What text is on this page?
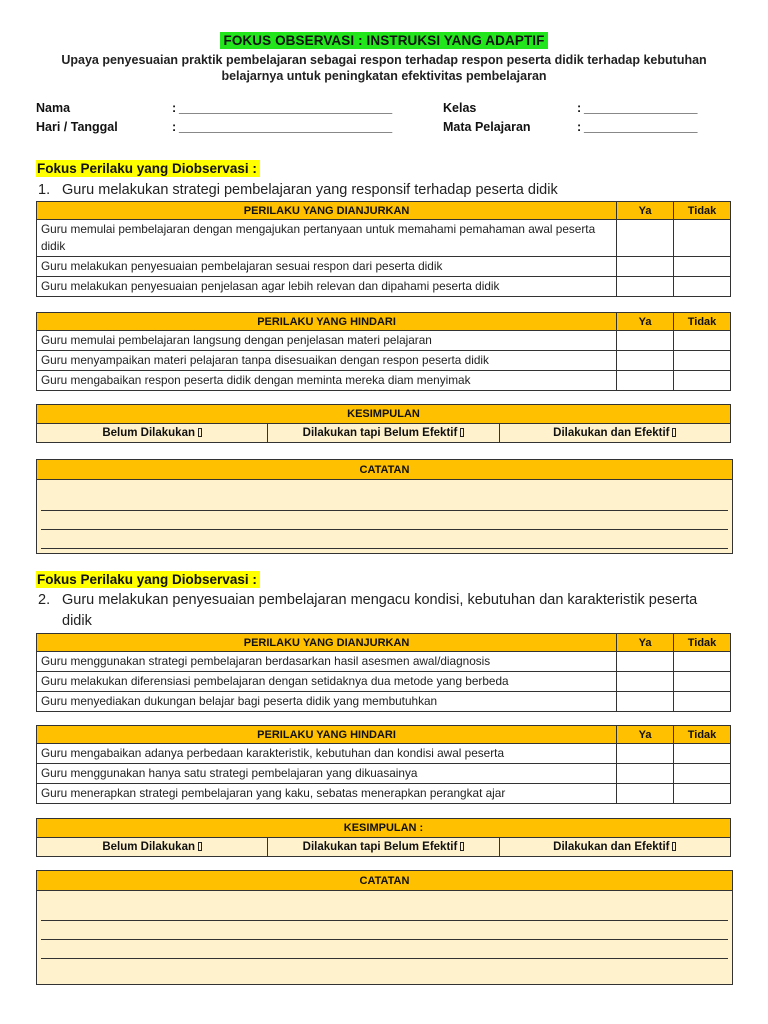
FOKUS OBSERVASI : INSTRUKSI YANG ADAPTIF
Upaya penyesuaian praktik pembelajaran sebagai respon terhadap respon peserta didik terhadap kebutuhan belajarnya untuk peningkatan efektivitas pembelajaran
Nama	: ________________________________
Hari / Tanggal	: ________________________________
Kelas	: _________________
Mata Pelajaran	: _________________
Fokus Perilaku yang Diobservasi :
1. Guru melakukan strategi pembelajaran yang responsif terhadap peserta didik
PERILAKU YANG DIANJURKAN	Ya	Tidak
Guru memulai pembelajaran dengan mengajukan pertanyaan untuk memahami pemahaman awal peserta didik		
Guru melakukan penyesuaian pembelajaran sesuai respon dari peserta didik		
Guru melakukan penyesuaian penjelasan agar lebih relevan dan dipahami peserta didik		
PERILAKU YANG HINDARI	Ya	Tidak
Guru memulai pembelajaran langsung dengan penjelasan materi pelajaran		
Guru menyampaikan materi pelajaran tanpa disesuaikan dengan respon peserta didik		
Guru mengabaikan respon peserta didik dengan meminta mereka diam menyimak		
KESIMPULAN
Belum Dilakukan	Dilakukan tapi Belum Efektif	Dilakukan dan Efektif
CATATAN
Fokus Perilaku yang Diobservasi :
2. Guru melakukan penyesuaian pembelajaran mengacu kondisi, kebutuhan dan karakteristik peserta didik
PERILAKU YANG DIANJURKAN	Ya	Tidak
Guru menggunakan strategi pembelajaran berdasarkan hasil asesmen awal/diagnosis		
Guru melakukan diferensiasi pembelajaran dengan setidaknya dua metode yang berbeda		
Guru menyediakan dukungan belajar bagi peserta didik yang membutuhkan		
PERILAKU YANG HINDARI	Ya	Tidak
Guru mengabaikan adanya perbedaan karakteristik, kebutuhan dan kondisi awal peserta		
Guru menggunakan hanya satu strategi pembelajaran yang dikuasainya		
Guru menerapkan strategi pembelajaran yang kaku, sebatas menerapkan perangkat ajar		
KESIMPULAN :
Belum Dilakukan	Dilakukan tapi Belum Efektif	Dilakukan dan Efektif
CATATAN
